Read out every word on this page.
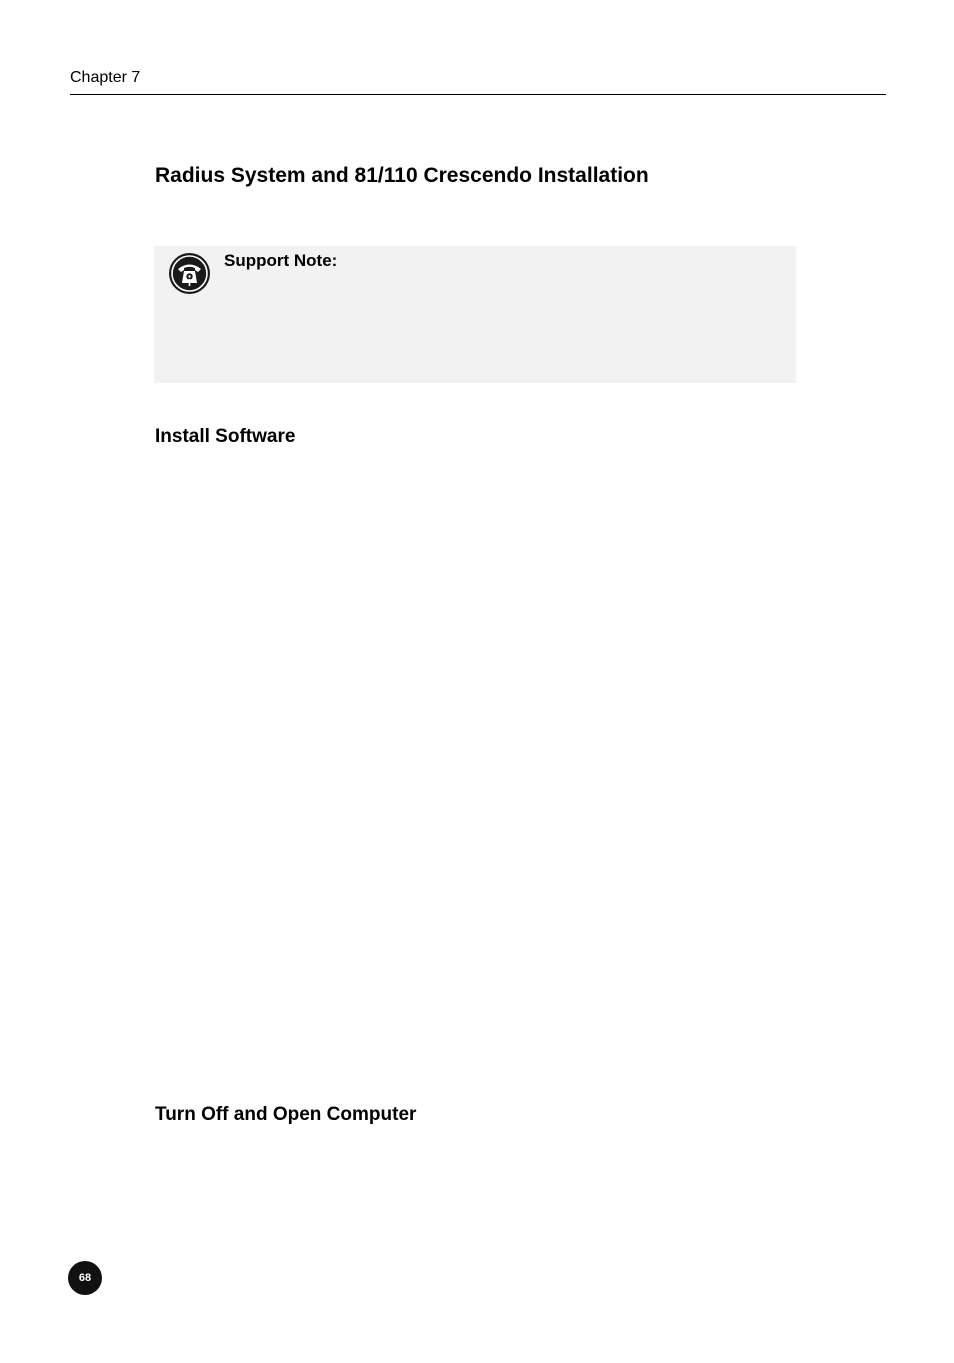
Chapter 7
Radius System and 81/110 Crescendo Installation
Support Note:
Install Software
Turn Off and Open Computer
68
